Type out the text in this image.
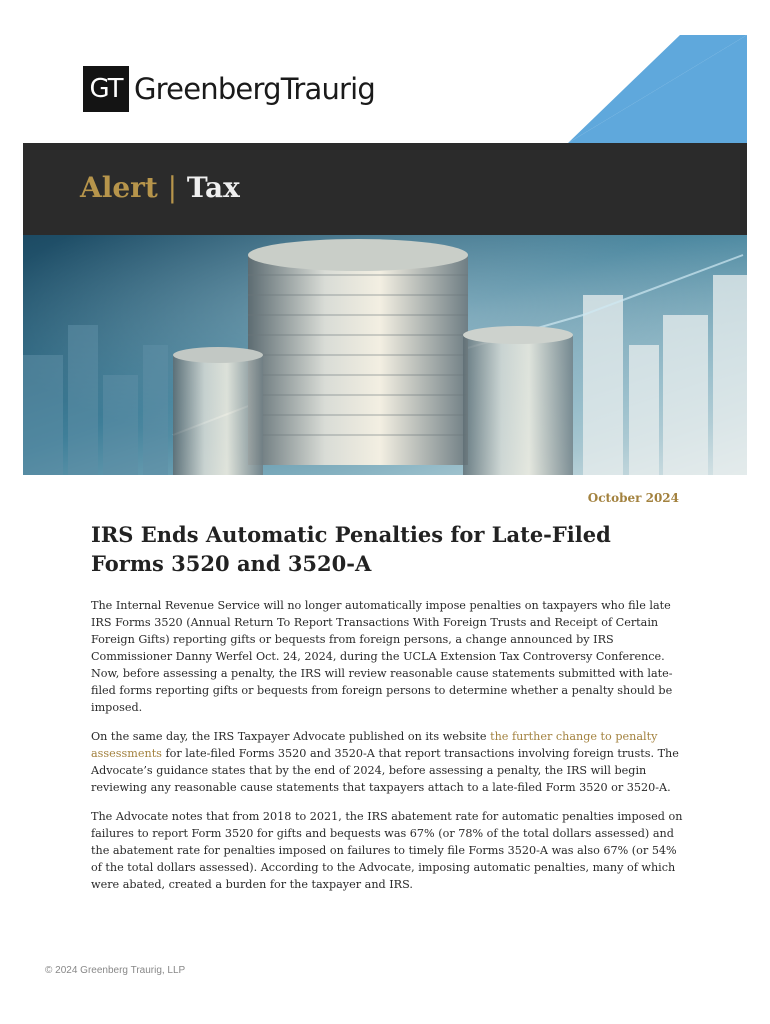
GT GreenbergTraurig
Alert | Tax
October 2024
IRS Ends Automatic Penalties for Late-Filed Forms 3520 and 3520-A

The Internal Revenue Service will no longer automatically impose penalties on taxpayers who file late IRS Forms 3520 (Annual Return To Report Transactions With Foreign Trusts and Receipt of Certain Foreign Gifts) reporting gifts or bequests from foreign persons, a change announced by IRS Commissioner Danny Werfel Oct. 24, 2024, during the UCLA Extension Tax Controversy Conference. Now, before assessing a penalty, the IRS will review reasonable cause statements submitted with late-filed forms reporting gifts or bequests from foreign persons to determine whether a penalty should be imposed.

On the same day, the IRS Taxpayer Advocate published on its website the further change to penalty assessments for late-filed Forms 3520 and 3520-A that report transactions involving foreign trusts. The Advocate’s guidance states that by the end of 2024, before assessing a penalty, the IRS will begin reviewing any reasonable cause statements that taxpayers attach to a late-filed Form 3520 or 3520-A.

The Advocate notes that from 2018 to 2021, the IRS abatement rate for automatic penalties imposed on failures to report Form 3520 for gifts and bequests was 67% (or 78% of the total dollars assessed) and the abatement rate for penalties imposed on failures to timely file Forms 3520-A was also 67% (or 54% of the total dollars assessed). According to the Advocate, imposing automatic penalties, many of which were abated, created a burden for the taxpayer and IRS.

© 2024 Greenberg Traurig, LLP
